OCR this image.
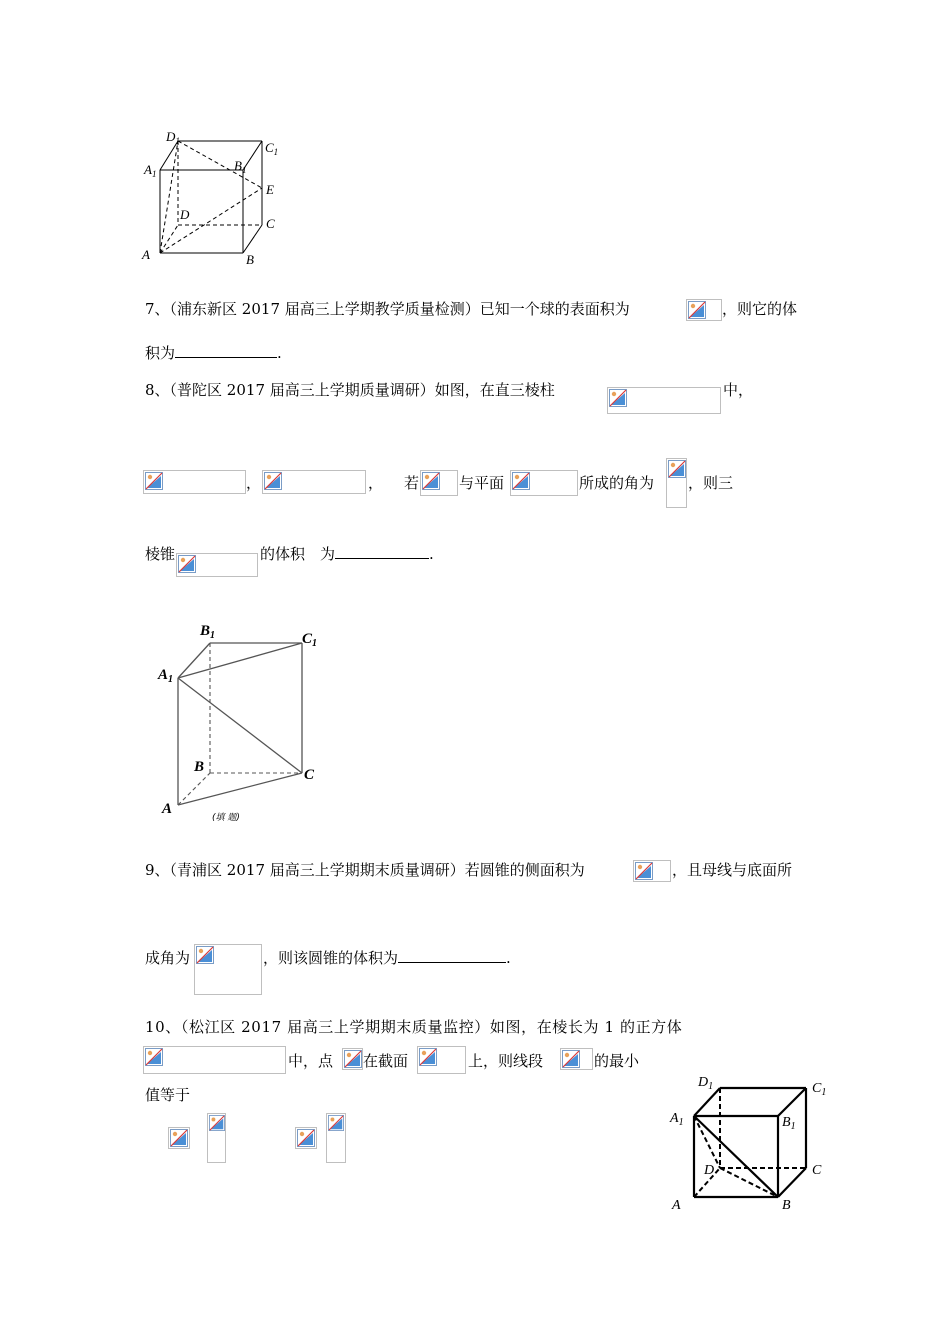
$D_1$	$C_1$
$A_1$
$B_1$
E
D
C
A	B
7、（浦东新区 2017 届高三上学期教学质量检测）已知一个球的表面积为	，则它的体
积为	.
8、（普陀区 2017 届高三上学期质量调研）如图，在直三棱柱	中，
，	， 若	与平面	所成的角为 ，则三
棱锥	的体积　为	.
$B_1$	$C_1$
$A_1$
B	C
A
(填 题)
9、（青浦区 2017 届高三上学期期末质量调研）若圆锥的侧面积为	，且母线与底面所
成角为	，则该圆锥的体积为	.
10、（松江区 2017 届高三上学期期末质量监控）如图，在棱长为 1 的正方体
中，点 在截面	上，则线段	的最小
值等于
$D_1$	$C_1$
$A_1$	$B_1$
D	C
A	B
